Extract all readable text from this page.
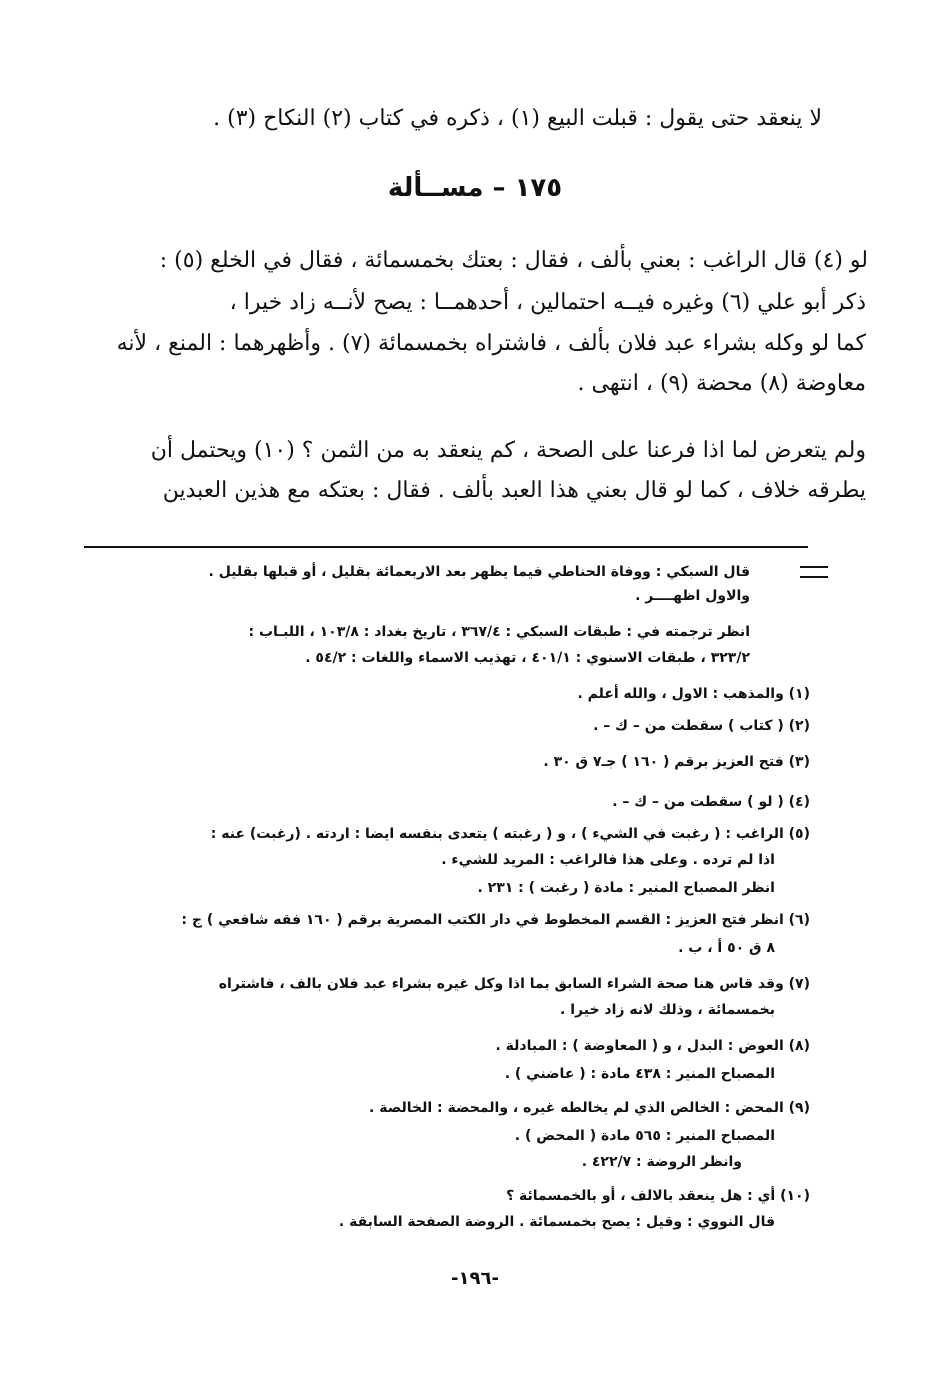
لا ينعقد حتى يقول : قبلت البيع (١) ، ذكره في كتاب (٢) النكاح (٣) .
١٧٥ – مســألة
لو (٤) قال الراغب : بعني بألف ، فقال : بعتك بخمسمائة ، فقال في الخلع (٥) :
ذكر أبو علي (٦) وغيره فيــه احتمالين ، أحدهمــا : يصح لأنــه زاد خيرا ،
كما لو وكله بشراء عبد فلان بألف ، فاشتراه بخمسمائة (٧) . وأظهرهما : المنع ، لأنه
معاوضة (٨) محضة (٩) ، انتهى .
ولم يتعرض لما اذا فرعنا على الصحة ، كم ينعقد به من الثمن ؟ (١٠) ويحتمل أن
يطرقه خلاف ، كما لو قال بعني هذا العبد بألف . فقال : بعتكه مع هذين العبدين
قال السبكي : ووفاة الحناطي فيما يظهر بعد الاربعمائة بقليل ، أو قبلها بقليل .
والاول اظهــــر .
انظر ترجمته في : طبقات السبكي : ٣٦٧/٤ ، تاريخ بغداد : ١٠٣/٨ ، اللبـاب :
٣٢٣/٢ ، طبقات الاسنوي : ٤٠١/١ ، تهذيب الاسماء واللغات : ٥٤/٢ .
(١) والمذهب : الاول ، والله أعلم .
(٢) ( كتاب ) سقطت من – ك – .
(٣) فتح العزيز برقم ( ١٦٠ ) جـ٧ ق ٣٠ .
(٤) ( لو ) سقطت من – ك – .
(٥) الراغب : ( رغبت في الشيء ) ، و ( رغبته ) يتعدى بنفسه ايضا : اردته . (رغبت) عنه :
اذا لم ترده . وعلى هذا فالراغب : المريد للشيء .
انظر المصباح المنير : مادة ( رغبت ) : ٢٣١ .
(٦) انظر فتح العزيز : القسم المخطوط في دار الكتب المصرية برقم ( ١٦٠ فقه شافعي ) ج :
٨ ق ٥٠ أ ، ب .
(٧) وقد قاس هنا صحة الشراء السابق بما اذا وكل غيره بشراء عبد فلان بالف ، فاشتراه
بخمسمائة ، وذلك لانه زاد خيرا .
(٨) العوض : البدل ، و ( المعاوضة ) : المبادلة .
المصباح المنير : ٤٣٨ مادة : ( عاضني ) .
(٩) المحض : الخالص الذي لم يخالطه غيره ، والمحضة : الخالصة .
المصباح المنير : ٥٦٥ مادة ( المحض ) .
وانظر الروضة : ٤٢٢/٧ .
(١٠) أي : هل ينعقد بالالف ، أو بالخمسمائة ؟
قال النووي : وقيل : يصح بخمسمائة . الروضة الصفحة السابقة .
-١٩٦-
